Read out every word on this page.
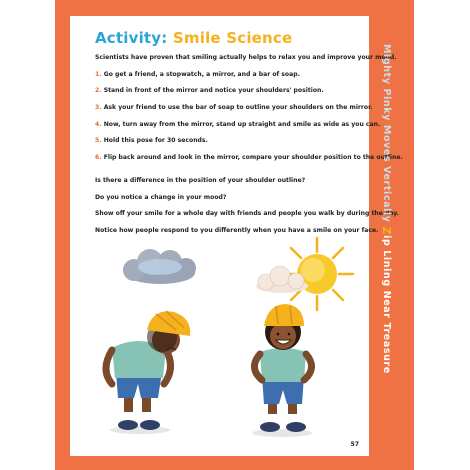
Activity: Smile Science

Scientists have proven that smiling actually helps to relax you and improve your mood.

1. Go get a friend, a stopwatch, a mirror, and a bar of soap.

2. Stand in front of the mirror and notice your shoulders' position.

3. Ask your friend to use the bar of soap to outline your shoulders on the mirror.

4. Now, turn away from the mirror, stand up straight and smile as wide as you can.

5. Hold this pose for 30 seconds.

6. Flip back around and look in the mirror, compare your shoulder position to the outline.

Is there a difference in the position of your shoulder outline?

Do you notice a change in your mood?

Show off your smile for a whole day with friends and people you walk by during the day.

Notice how people respond to you differently when you have a smile on your face.

57
Mighty Pinky Moves Vertically Zip Lining Near Treasure
